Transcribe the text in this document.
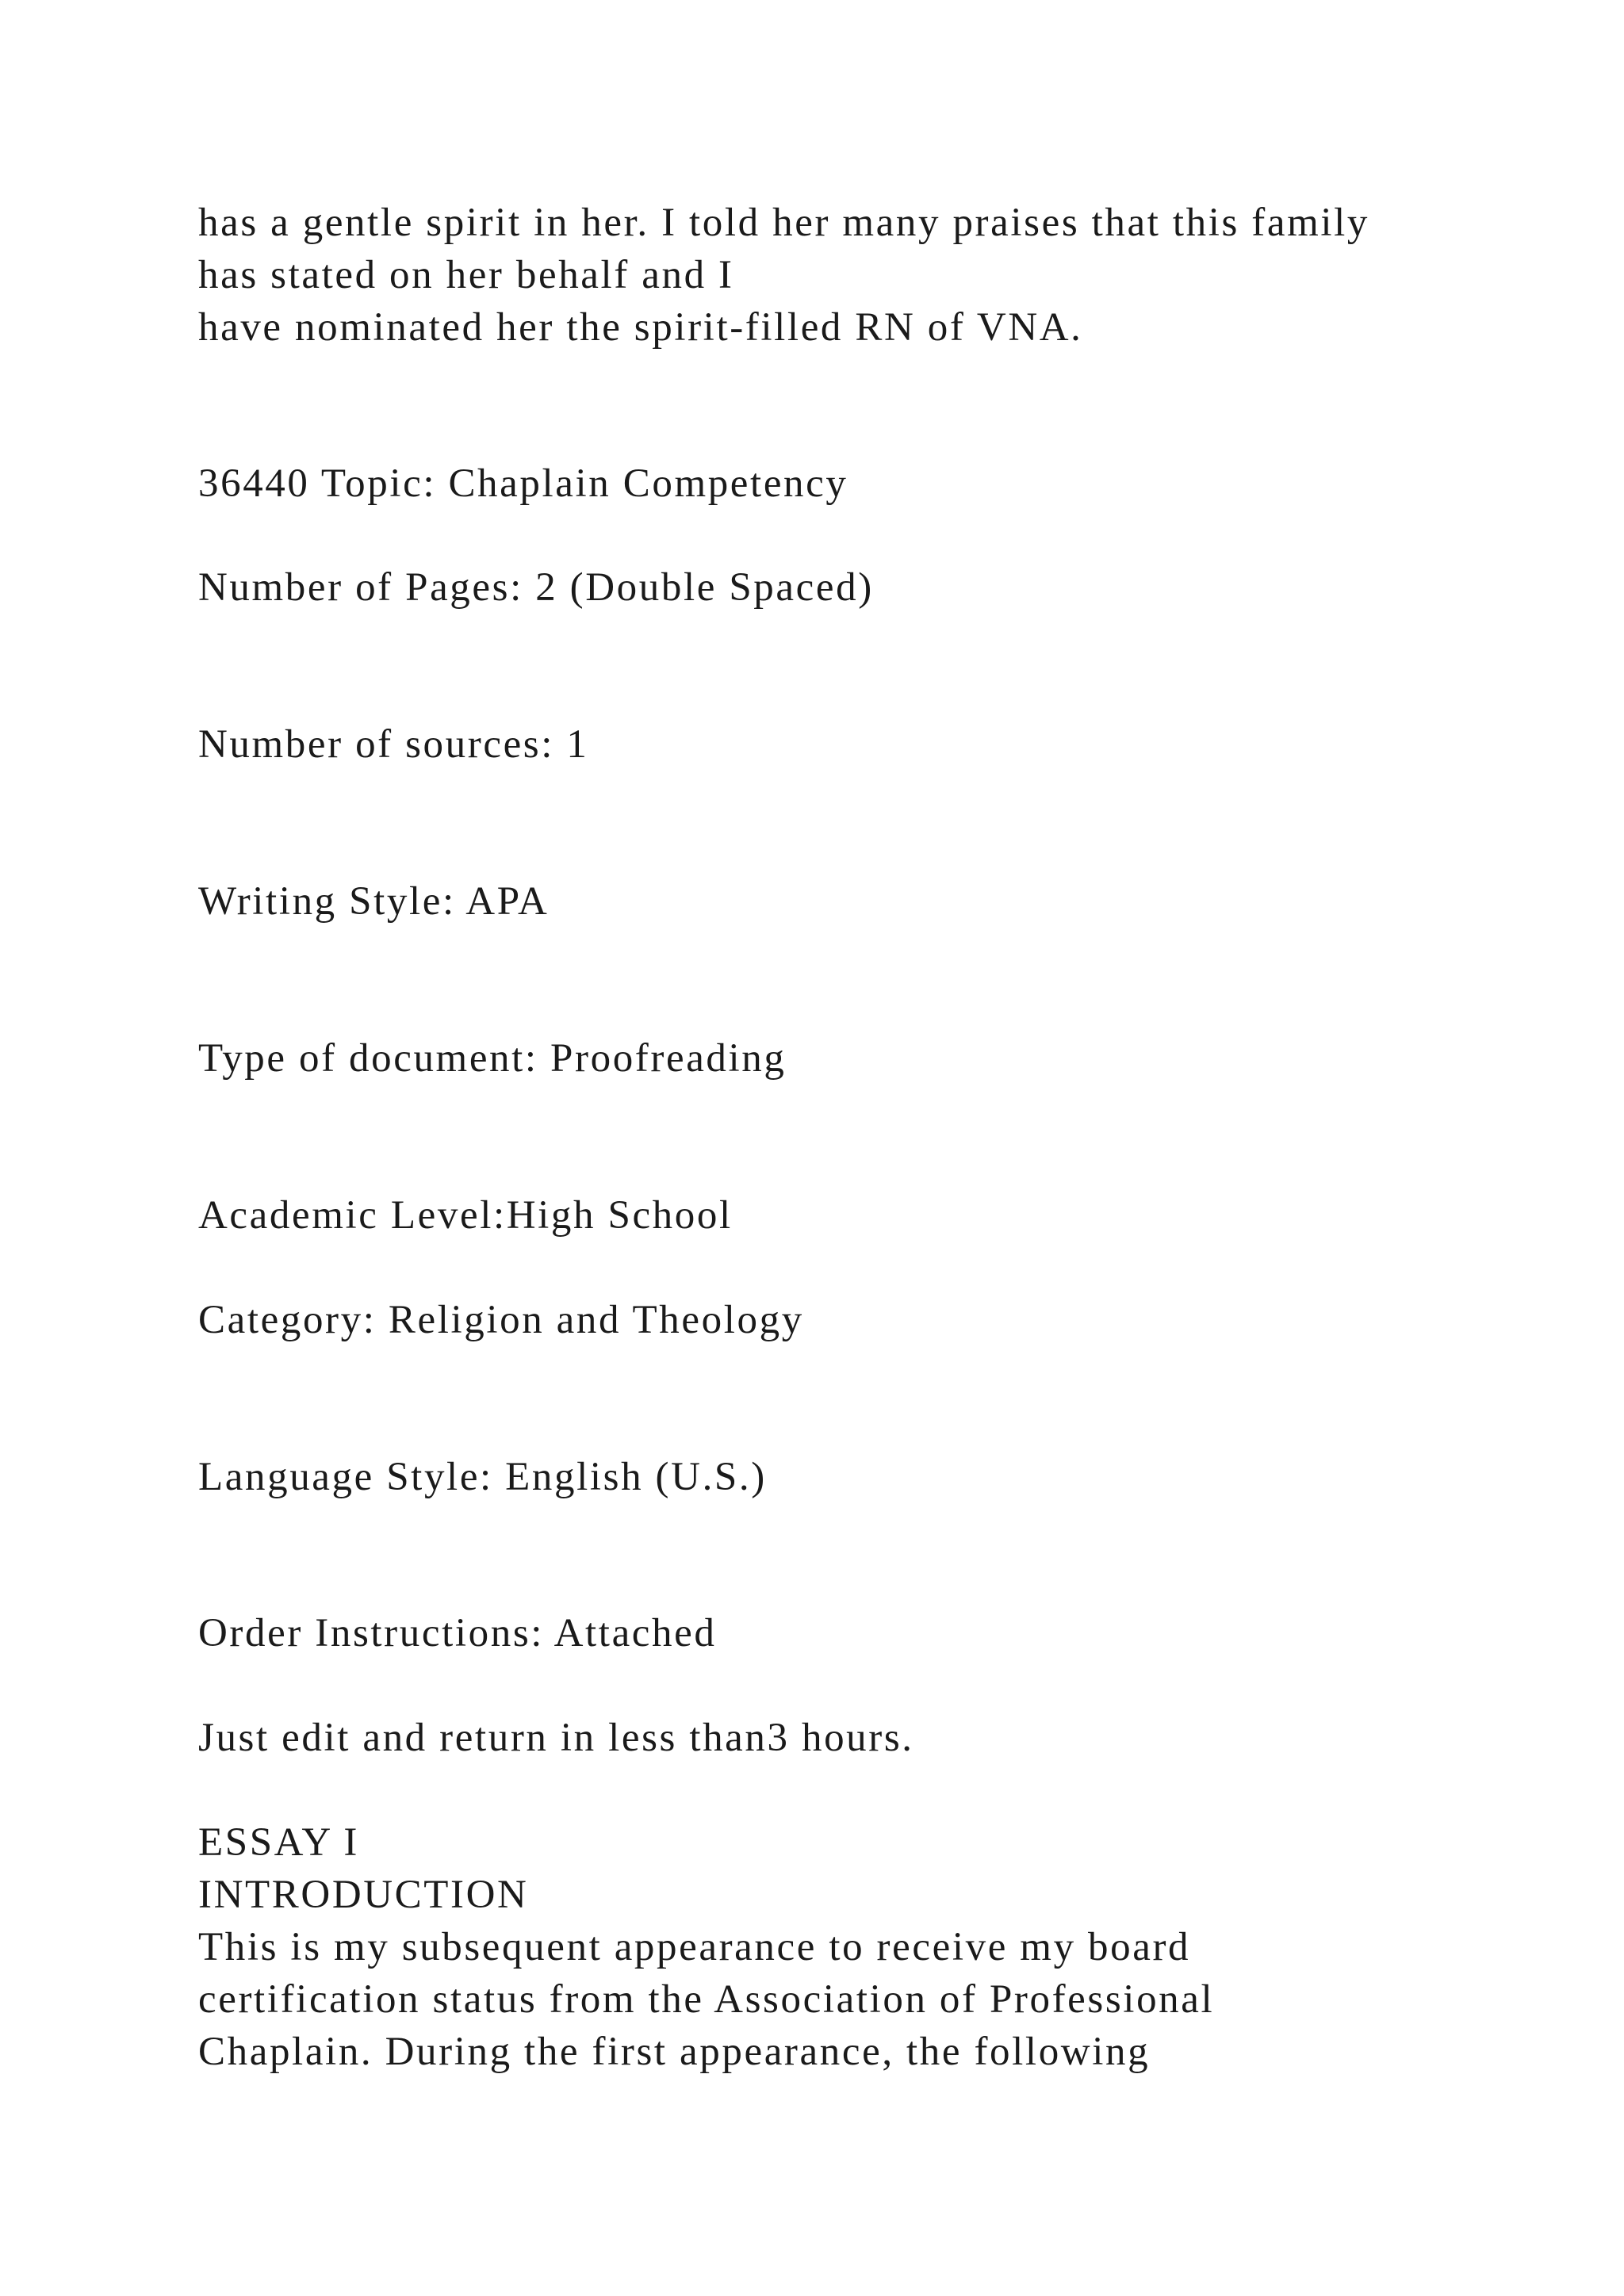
has a gentle spirit in her. I told her many praises that this family

has stated on her behalf and I

have nominated her the spirit-filled RN of VNA.

36440 Topic: Chaplain Competency

Number of Pages: 2 (Double Spaced)

Number of sources: 1

Writing Style: APA

Type of document: Proofreading

Academic Level:High School

Category: Religion and Theology

Language Style: English (U.S.)

Order Instructions: Attached

Just edit and return in less than3 hours.

ESSAY I

INTRODUCTION

This is my subsequent appearance to receive my board

certification status from the Association of Professional

Chaplain. During the first appearance, the following
